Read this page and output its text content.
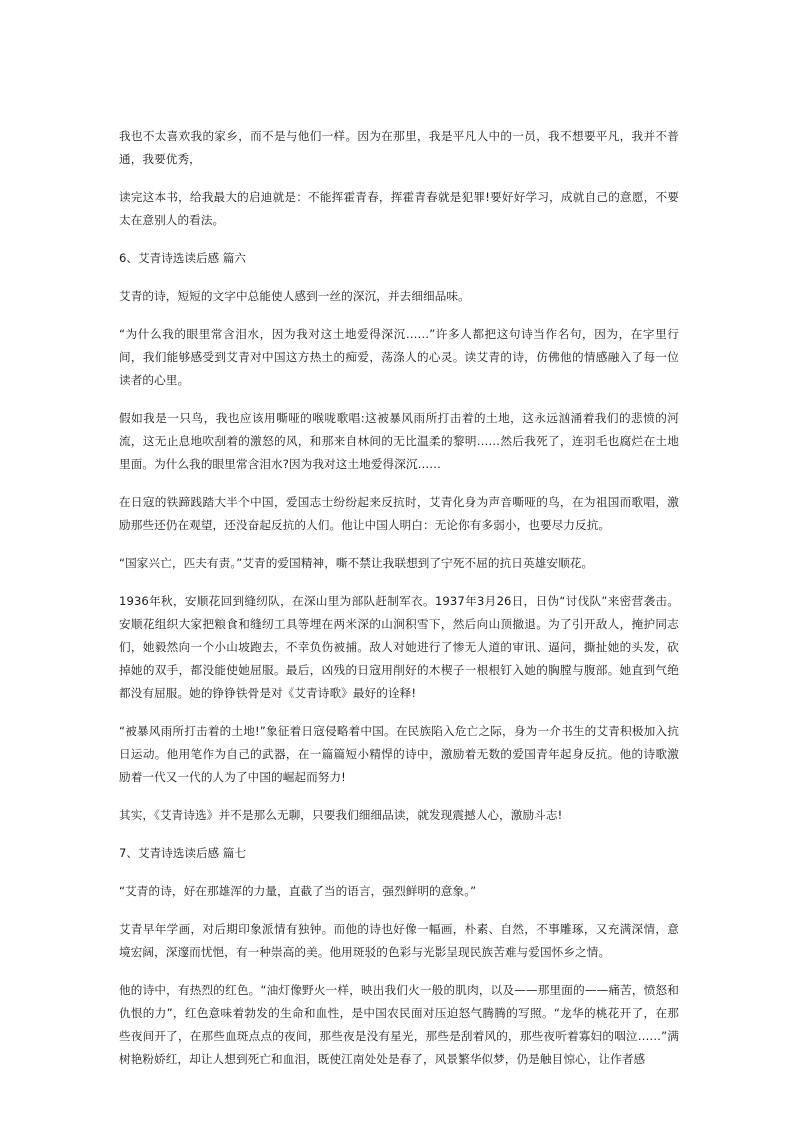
我也不太喜欢我的家乡，而不是与他们一样。因为在那里，我是平凡人中的一员，我不想要平凡，我并不普通，我要优秀，

读完这本书，给我最大的启迪就是：不能挥霍青春，挥霍青春就是犯罪!要好好学习，成就自己的意愿，不要太在意别人的看法。

6、艾青诗选读后感 篇六

艾青的诗，短短的文字中总能使人感到一丝的深沉，并去细细品味。

“为什么我的眼里常含泪水，因为我对这土地爱得深沉……”许多人都把这句诗当作名句，因为，在字里行间，我们能够感受到艾青对中国这方热土的痴爱，荡涤人的心灵。读艾青的诗，仿佛他的情感融入了每一位读者的心里。

假如我是一只鸟，我也应该用嘶哑的喉咙歌唱:这被暴风雨所打击着的土地，这永远汹涌着我们的悲愤的河流，这无止息地吹刮着的激怒的风，和那来自林间的无比温柔的黎明……然后我死了，连羽毛也腐烂在土地里面。为什么我的眼里常含泪水?因为我对这土地爱得深沉……

在日寇的铁蹄践踏大半个中国，爱国志士纷纷起来反抗时，艾青化身为声音嘶哑的鸟，在为祖国而歌唱，激励那些还仍在观望，还没奋起反抗的人们。他让中国人明白：无论你有多弱小，也要尽力反抗。

“国家兴亡，匹夫有责。”艾青的爱国精神，嘶不禁让我联想到了宁死不屈的抗日英雄安顺花。

1936年秋，安顺花回到缝纫队，在深山里为部队赶制军衣。1937年3月26日，日伪“讨伐队”来密营袭击。安顺花组织大家把粮食和缝纫工具等埋在两米深的山涧积雪下，然后向山顶撤退。为了引开敌人，掩护同志们，她毅然向一个小山坡跑去，不幸负伤被捕。敌人对她进行了惨无人道的审讯、逼问，撕扯她的头发，砍掉她的双手，都没能使她屈服。最后，凶残的日寇用削好的木楔子一根根钉入她的胸膛与腹部。她直到气绝都没有屈服。她的铮铮铁骨是对《艾青诗歌》最好的诠释!

“被暴风雨所打击着的土地!”象征着日寇侵略着中国。在民族陷入危亡之际，身为一介书生的艾青积极加入抗日运动。他用笔作为自己的武器，在一篇篇短小精悍的诗中，激励着无数的爱国青年起身反抗。他的诗歌激励着一代又一代的人为了中国的崛起而努力!

其实，《艾青诗选》并不是那么无聊，只要我们细细品读，就发现震撼人心，激励斗志!

7、艾青诗选读后感 篇七

“艾青的诗，好在那雄浑的力量，直截了当的语言，强烈鲜明的意象。”

艾青早年学画，对后期印象派情有独钟。而他的诗也好像一幅画，朴素、自然，不事雕琢，又充满深情，意境宏阔，深邃而忧悒，有一种崇高的美。他用斑驳的色彩与光影呈现民族苦难与爱国怀乡之情。

他的诗中，有热烈的红色。“油灯像野火一样，映出我们火一般的肌肉，以及——那里面的——痛苦，愤怒和仇恨的力”，红色意味着勃发的生命和血性，是中国农民面对压迫怒气腾腾的写照。“龙华的桃花开了，在那些夜间开了，在那些血斑点点的夜间，那些夜是没有星光，那些是刮着风的，那些夜听着寡妇的咽泣……”满树艳粉娇红，却让人想到死亡和血泪，既使江南处处是春了，风景繁华似梦，仍是触目惊心，让作者感
